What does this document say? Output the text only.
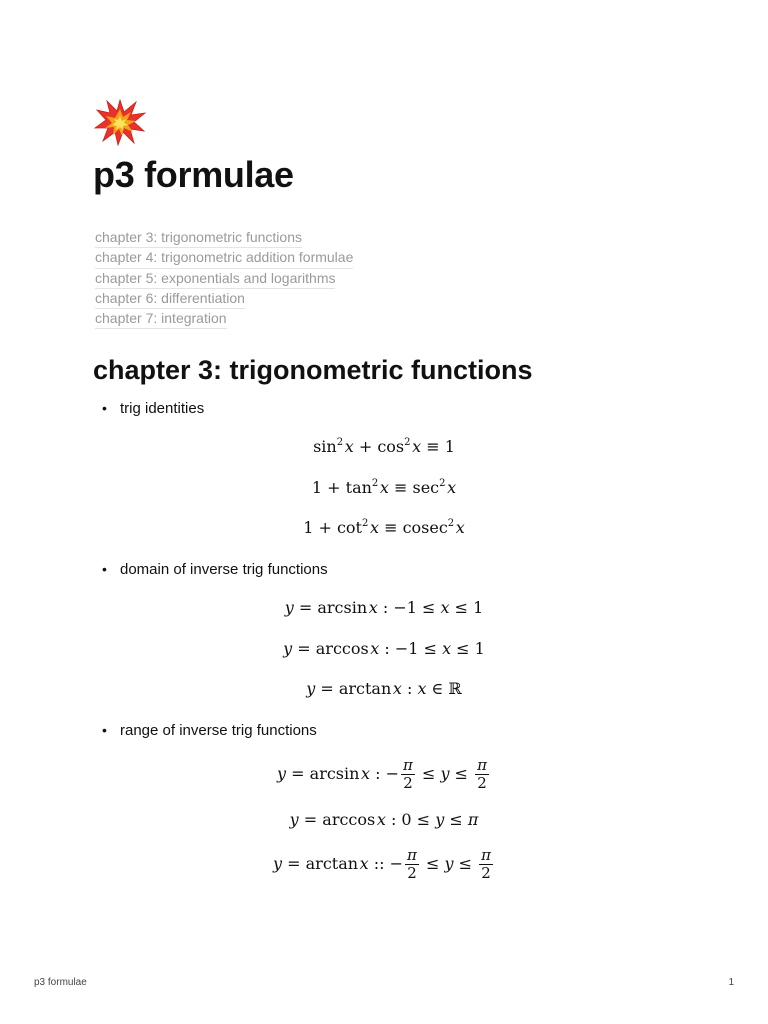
p3 formulae
chapter 3: trigonometric functions
chapter 4: trigonometric addition formulae
chapter 5: exponentials and logarithms
chapter 6: differentiation
chapter 7: integration
chapter 3: trigonometric functions
• trig identities
$\sin^2$ $x + \cos^2$ x ≡ 1
$1 + \tan^2$ $x \equiv \sec^2$ x
$1 + \cot^2$ x ≡ cosec$^2$ x
• domain of inverse trig functions
y = arcsin x : −1 ≤ x ≤ 1
y = arccos x : −1 ≤ x ≤ 1
y = arctan x : x ∈ ℝ
• range of inverse trig functions
y = arcsin x : − $\frac{\pi}{2} \le y \le \frac{\pi}{2}$
y = arccos x : 0 ≤ y ≤ π
y = arctan x :: − $\frac{\pi}{2} \le y \le \frac{\pi}{2}$
p3 formulae	1
